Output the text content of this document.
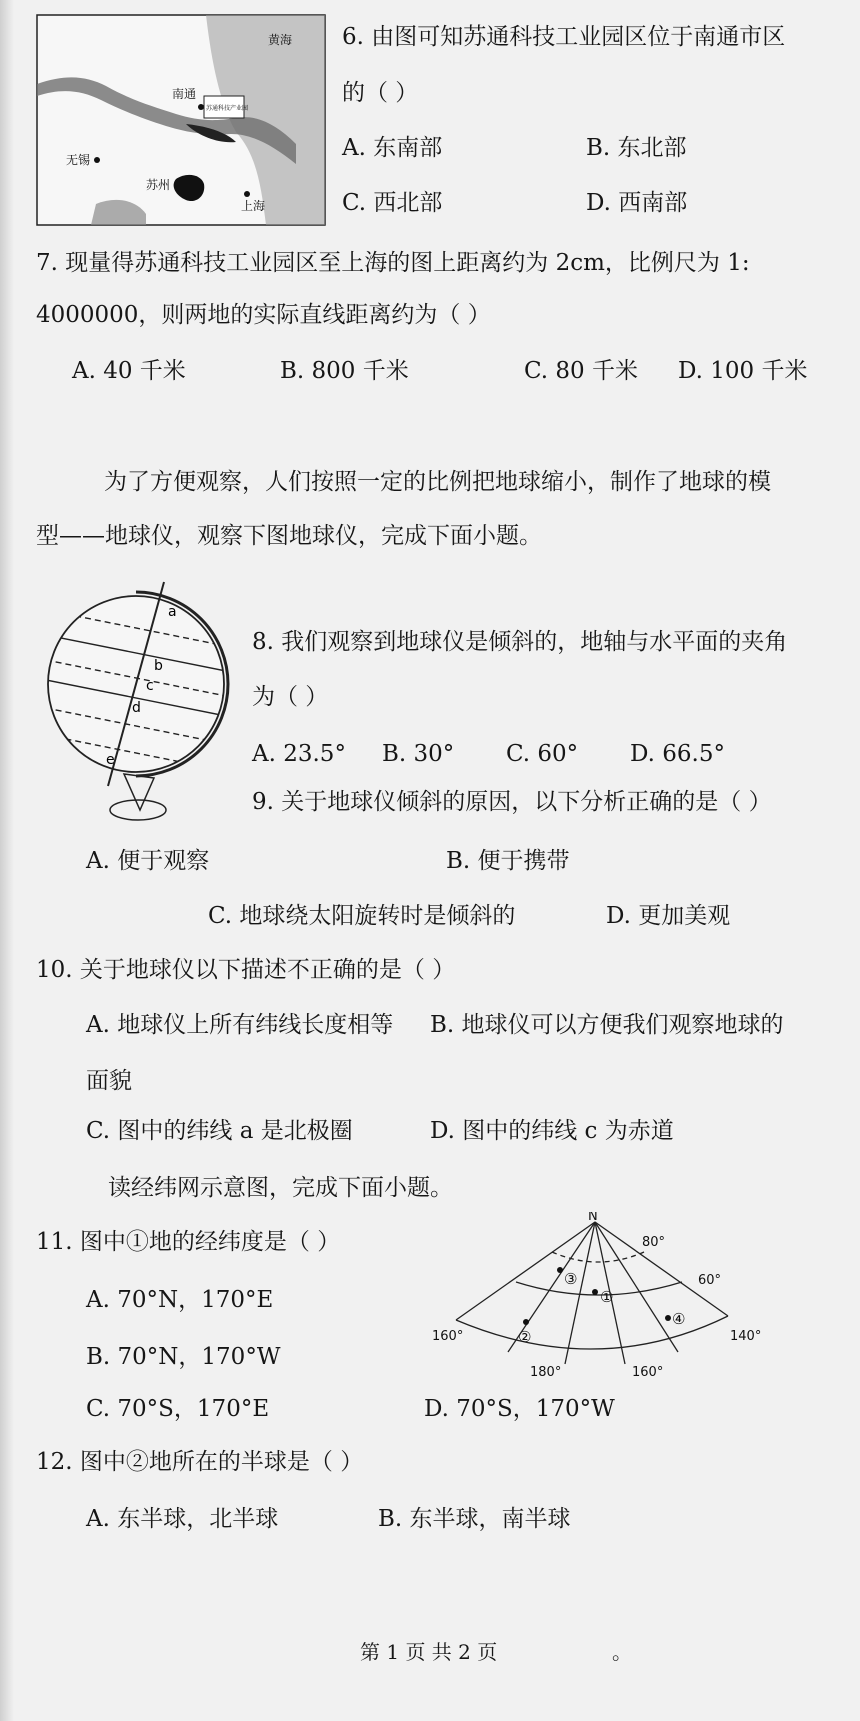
黄海
南通
苏通科技产业园
无锡
苏州
上海
6. 由图可知苏通科技工业园区位于南通市区
的（ ）
A. 东南部	B. 东北部
C. 西北部	D. 西南部
7. 现量得苏通科技工业园区至上海的图上距离约为 2cm，比例尺为 1:
4000000，则两地的实际直线距离约为（ ）
A. 40 千米	B. 800 千米	C. 80 千米 D. 100 千米
为了方便观察，人们按照一定的比例把地球缩小，制作了地球的模
型——地球仪，观察下图地球仪，完成下面小题。
a
b
c
d
e
8. 我们观察到地球仪是倾斜的，地轴与水平面的夹角
为（ ）
A. 23.5° B. 30° C. 60° D. 66.5°
9. 关于地球仪倾斜的原因，以下分析正确的是（ ）
A. 便于观察	B. 便于携带
C. 地球绕太阳旋转时是倾斜的	D. 更加美观
10. 关于地球仪以下描述不正确的是（ ）
A. 地球仪上所有纬线长度相等 B. 地球仪可以方便我们观察地球的
面貌
C. 图中的纬线 a 是北极圈	D. 图中的纬线 c 为赤道
读经纬网示意图，完成下面小题。
N
80°
60°
160°
180°	160°
140°
①
②
③
④
11. 图中①地的经纬度是（ ）
A. 70°N，170°E
B. 70°N，170°W
C. 70°S，170°E	D. 70°S，170°W
12. 图中②地所在的半球是（ ）
A. 东半球，北半球	B. 东半球，南半球
第 1 页 共 2 页	。
